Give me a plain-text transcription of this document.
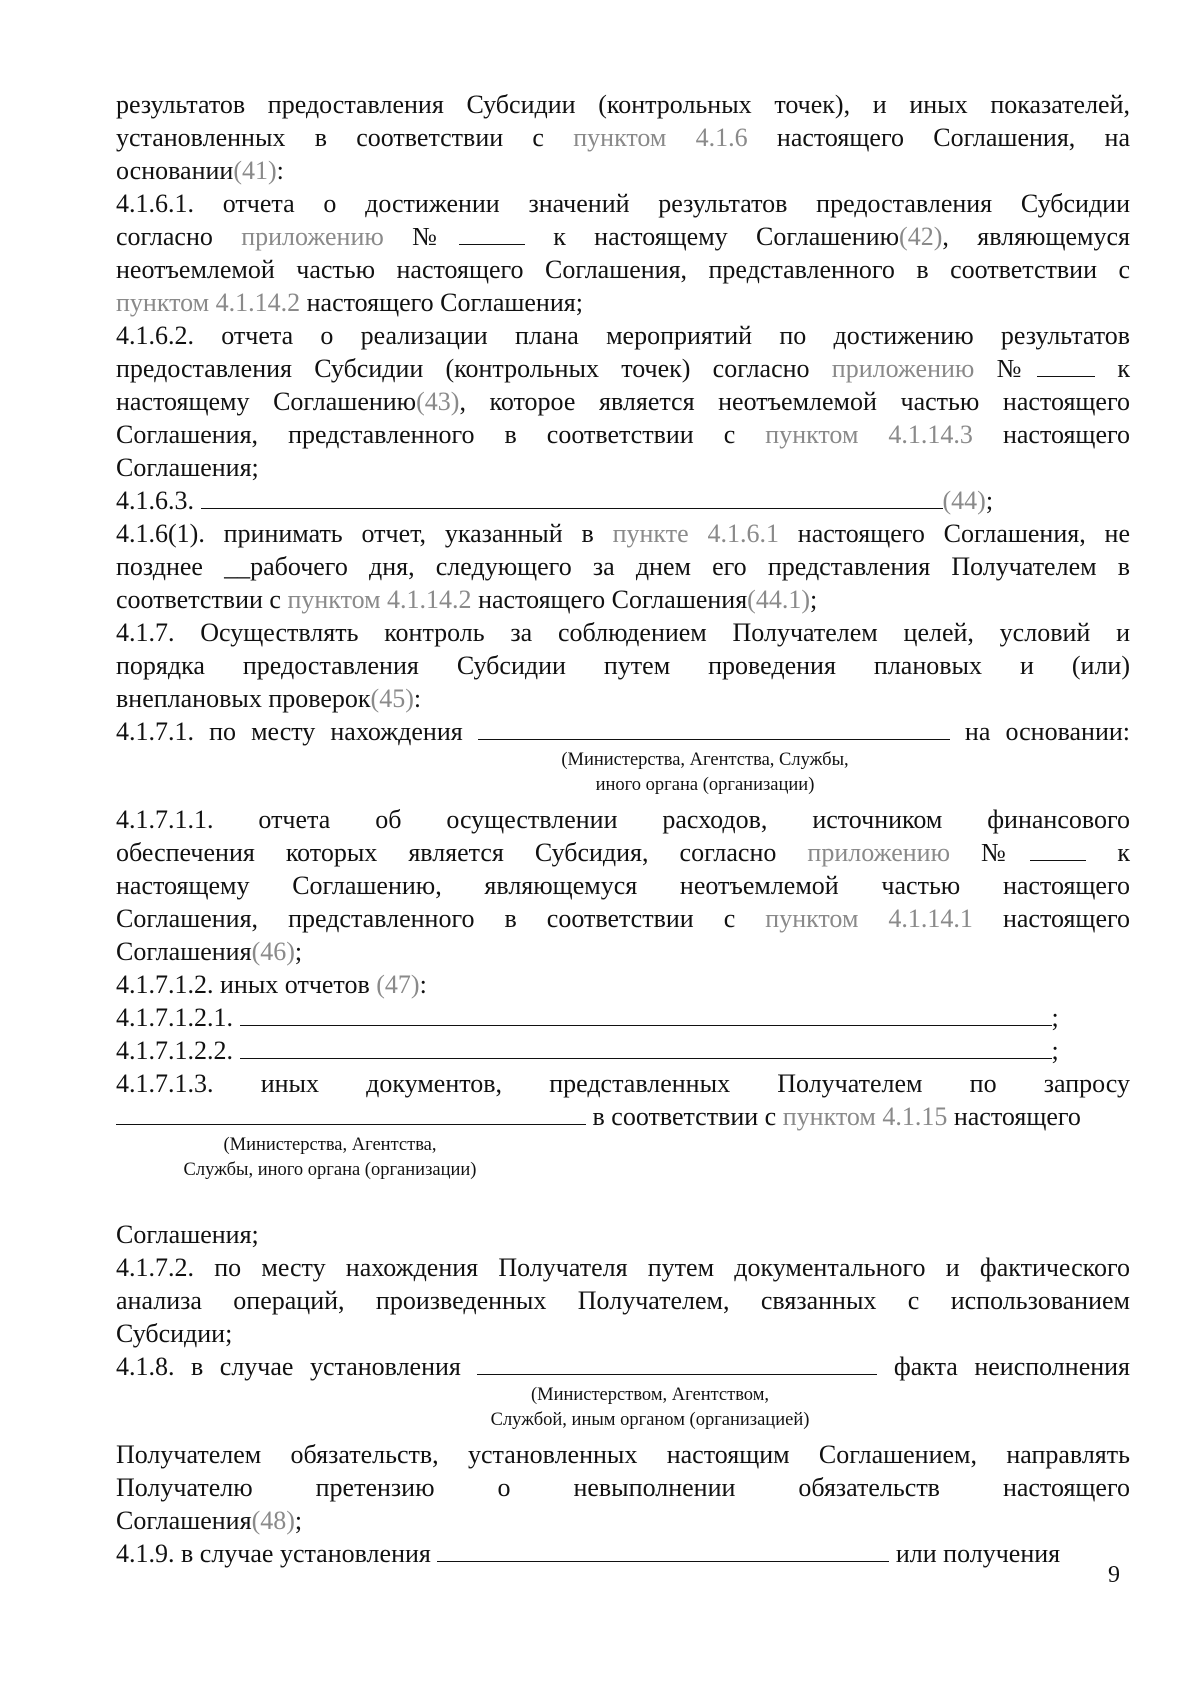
результатов предоставления Субсидии (контрольных точек), и иных показателей,
установленных в соответствии с пунктом 4.1.6 настоящего Соглашения, на
основании(41):
4.1.6.1. отчета о достижении значений результатов предоставления Субсидии
согласно приложению №	к настоящему Соглашению(42), являющемуся
неотъемлемой частью настоящего Соглашения, представленного в соответствии с
пунктом 4.1.14.2 настоящего Соглашения;
4.1.6.2. отчета о реализации плана мероприятий по достижению результатов
предоставления Субсидии (контрольных точек) согласно приложению №	к
настоящему Соглашению(43), которое является неотъемлемой частью настоящего
Соглашения, представленного в соответствии с пунктом 4.1.14.3 настоящего
Соглашения;
4.1.6.3.	(44);
4.1.6(1). принимать отчет, указанный в пункте 4.1.6.1 настоящего Соглашения, не
позднее __рабочего дня, следующего за днем его представления Получателем в
соответствии с пунктом 4.1.14.2 настоящего Соглашения(44.1);
4.1.7. Осуществлять контроль за соблюдением Получателем целей, условий и
порядка предоставления Субсидии путем проведения плановых и (или)
внеплановых проверок(45):
4.1.7.1. по месту нахождения	на основании:
(Министерства, Агентства, Службы,
иного органа (организации)
4.1.7.1.1. отчета об осуществлении расходов, источником финансового
обеспечения которых является Субсидия, согласно приложению №	к
настоящему Соглашению, являющемуся неотъемлемой частью настоящего
Соглашения, представленного в соответствии с пунктом 4.1.14.1 настоящего
Соглашения(46);
4.1.7.1.2. иных отчетов (47):
4.1.7.1.2.1.	;
4.1.7.1.2.2.	;
4.1.7.1.3. иных документов, представленных Получателем по запросу
в соответствии с пунктом 4.1.15 настоящего
(Министерства, Агентства,
Службы, иного органа (организации)
Соглашения;
4.1.7.2. по месту нахождения Получателя путем документального и фактического
анализа операций, произведенных Получателем, связанных с использованием
Субсидии;
4.1.8. в случае установления	факта неисполнения
(Министерством, Агентством,
Службой, иным органом (организацией)
Получателем обязательств, установленных настоящим Соглашением, направлять
Получателю претензию о невыполнении обязательств настоящего
Соглашения(48);
4.1.9. в случае установления	или получения
9
